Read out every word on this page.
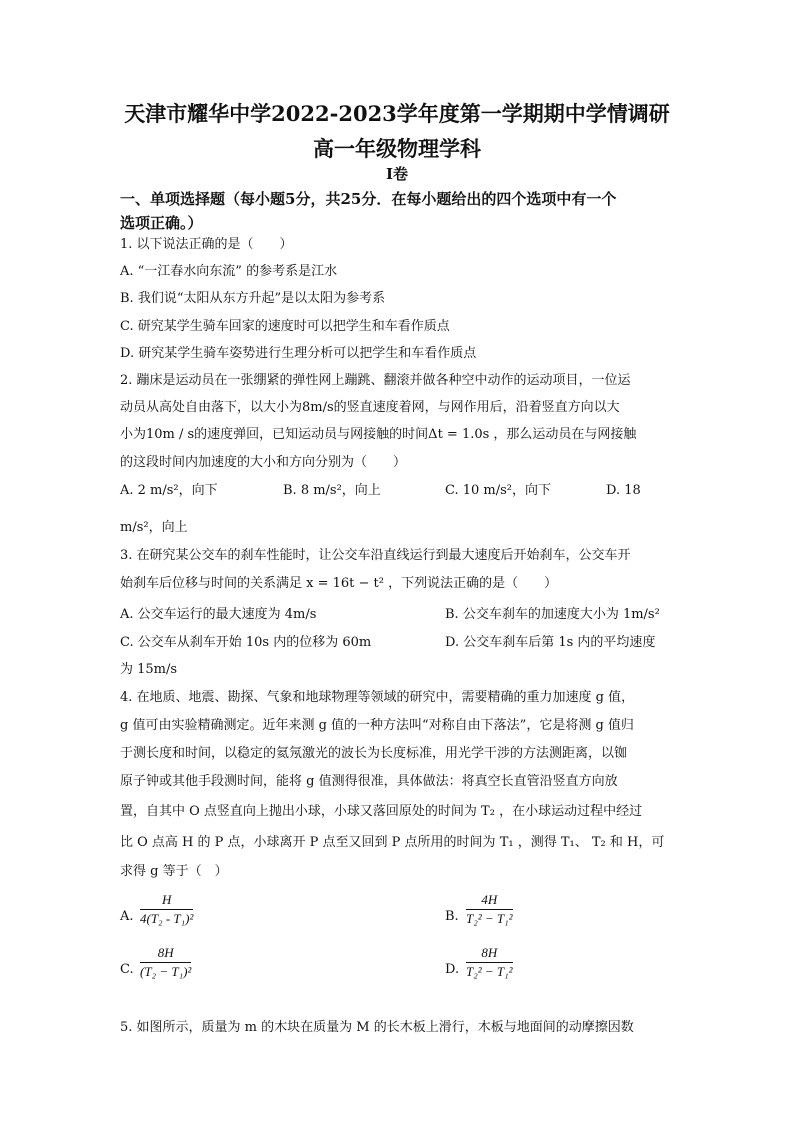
天津市耀华中学2022-2023学年度第一学期期中学情调研
高一年级物理学科
I卷
一、单项选择题（每小题5分，共25分．在每小题给出的四个选项中有一个
选项正确。）
1. 以下说法正确的是（　　）
A. “一江春水向东流” 的参考系是江水
B. 我们说“太阳从东方升起”是以太阳为参考系
C. 研究某学生骑车回家的速度时可以把学生和车看作质点
D. 研究某学生骑车姿势进行生理分析可以把学生和车看作质点
2. 蹦床是运动员在一张绷紧的弹性网上蹦跳、翻滚并做各种空中动作的运动项目，一位运
动员从高处自由落下，以大小为8m/s的竖直速度着网，与网作用后，沿着竖直方向以大
小为10m / s的速度弹回，已知运动员与网接触的时间Δt = 1.0s ，那么运动员在与网接触
的这段时间内加速度的大小和方向分别为（　　）
A. 2 m/s²，向下	B. 8 m/s²，向上	C. 10 m/s²，向下	D. 18
m/s²，向上
3. 在研究某公交车的刹车性能时，让公交车沿直线运行到最大速度后开始刹车，公交车开
始刹车后位移与时间的关系满足 x = 16t − t² ，下列说法正确的是（　　）
A. 公交车运行的最大速度为 4m/s	B. 公交车刹车的加速度大小为 1m/s²
C. 公交车从刹车开始 10s 内的位移为 60m	D. 公交车刹车后第 1s 内的平均速度
为 15m/s
4. 在地质、地震、勘探、气象和地球物理等领域的研究中，需要精确的重力加速度 g 值，
g 值可由实验精确测定。近年来测 g 值的一种方法叫“对称自由下落法”，它是将测 g 值归
于测长度和时间，以稳定的氦氖激光的波长为长度标准，用光学干涉的方法测距离，以铷
原子钟或其他手段测时间，能将 g 值测得很准，具体做法：将真空长直管沿竖直方向放
置，自其中 O 点竖直向上抛出小球，小球又落回原处的时间为 T₂ ，在小球运动过程中经过
比 O 点高 H 的 P 点，小球离开 P 点至又回到 P 点所用的时间为 T₁ ，测得 T₁、 T₂ 和 H，可
求得 g 等于（　）
A. $\frac{H}{\text{4(T₂ - T₁)²}}$	B. $\frac{4H}{\text{T₂² − T₁²}}$
C. $\frac{8H}{\text{(T₂ − T₁)²}}$	D. $\frac{8H}{\text{T₂² − T₁²}}$
5. 如图所示，质量为 m 的木块在质量为 M 的长木板上滑行，木板与地面间的动摩擦因数
